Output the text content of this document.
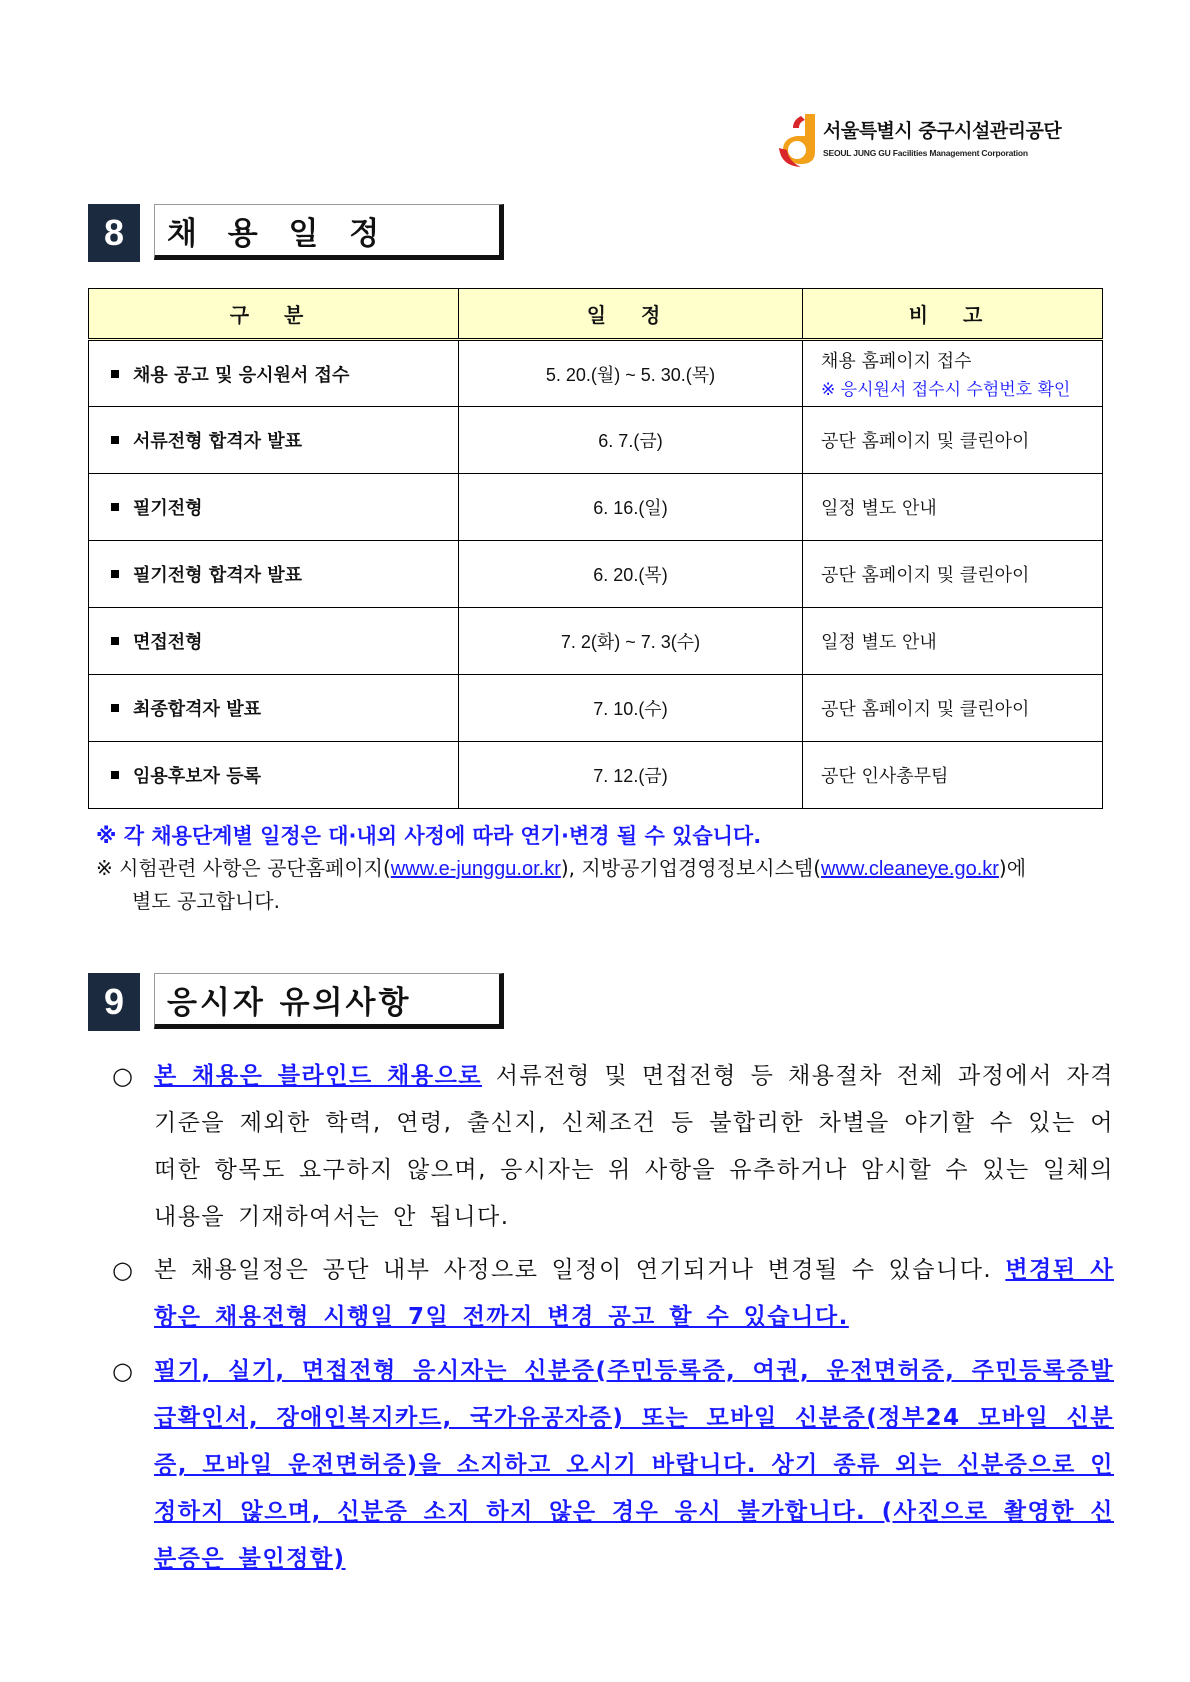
서울특별시 중구시설관리공단
SEOUL JUNG GU Facilities Management Corporation
8	채 용 일 정
구 분	일 정	비 고
채용 공고 및 응시원서 접수	5. 20.(월) ~ 5. 30.(목)	채용 홈페이지 접수
※ 응시원서 접수시 수험번호 확인

서류전형 합격자 발표	6. 7.(금)	공단 홈페이지 및 클린아이
필기전형	6. 16.(일)	일정 별도 안내
필기전형 합격자 발표	6. 20.(목)	공단 홈페이지 및 클린아이
면접전형	7. 2(화) ~ 7. 3(수)	일정 별도 안내
최종합격자 발표	7. 10.(수)	공단 홈페이지 및 클린아이
임용후보자 등록	7. 12.(금)	공단 인사총무팀
※ 각 채용단계별 일정은 대·내외 사정에 따라 연기·변경 될 수 있습니다.
※ 시험관련 사항은 공단홈페이지(www.e-junggu.or.kr), 지방공기업경영정보시스템(www.cleaneye.go.kr)에
별도 공고합니다.
9	응시자 유의사항
○ 본 채용은 블라인드 채용으로 서류전형 및 면접전형 등 채용절차 전체 과정에서 자격기준을 제외한 학력, 연령, 출신지, 신체조건 등 불합리한 차별을 야기할 수 있는 어떠한 항목도 요구하지 않으며, 응시자는 위 사항을 유추하거나 암시할 수 있는 일체의 내용을 기재하여서는 안 됩니다.
○ 본 채용일정은 공단 내부 사정으로 일정이 연기되거나 변경될 수 있습니다. 변경된 사항은 채용전형 시행일 7일 전까지 변경 공고 할 수 있습니다.
○ 필기, 실기, 면접전형 응시자는 신분증(주민등록증, 여권, 운전면허증, 주민등록증발급확인서, 장애인복지카드, 국가유공자증) 또는 모바일 신분증(정부24 모바일 신분증, 모바일 운전면허증)을 소지하고 오시기 바랍니다. 상기 종류 외는 신분증으로 인정하지 않으며, 신분증 소지 하지 않은 경우 응시 불가합니다. (사진으로 촬영한 신분증은 불인정함)
